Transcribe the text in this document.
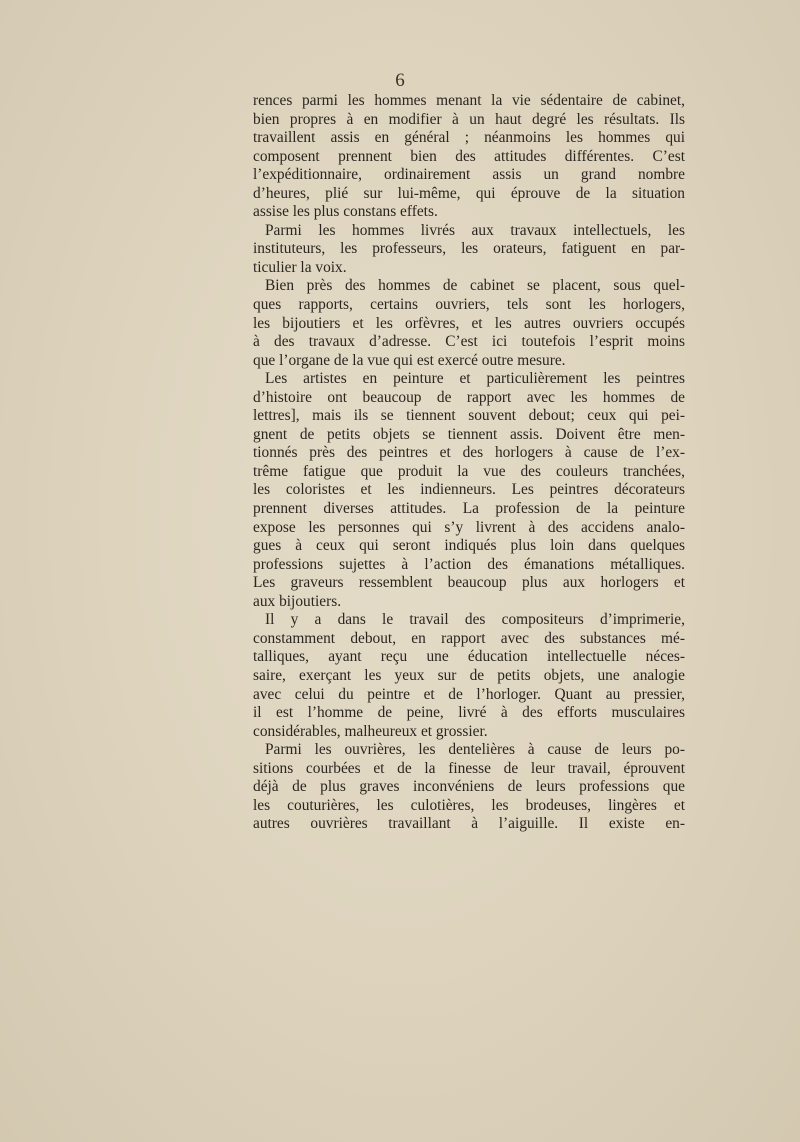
6
rences parmi les hommes menant la vie sédentaire de cabinet,
bien propres à en modifier à un haut degré les résultats. Ils
travaillent assis en général ; néanmoins les hommes qui
composent prennent bien des attitudes différentes. C’est
l’expéditionnaire, ordinairement assis un grand nombre
d’heures, plié sur lui-même, qui éprouve de la situation
assise les plus constans effets.
Parmi les hommes livrés aux travaux intellectuels, les
instituteurs, les professeurs, les orateurs, fatiguent en par-
ticulier la voix.
Bien près des hommes de cabinet se placent, sous quel-
ques rapports, certains ouvriers, tels sont les horlogers,
les bijoutiers et les orfèvres, et les autres ouvriers occupés
à des travaux d’adresse. C’est ici toutefois l’esprit moins
que l’organe de la vue qui est exercé outre mesure.
Les artistes en peinture et particulièrement les peintres
d’histoire ont beaucoup de rapport avec les hommes de
lettres], mais ils se tiennent souvent debout; ceux qui pei-
gnent de petits objets se tiennent assis. Doivent être men-
tionnés près des peintres et des horlogers à cause de l’ex-
trême fatigue que produit la vue des couleurs tranchées,
les coloristes et les indienneurs. Les peintres décorateurs
prennent diverses attitudes. La profession de la peinture
expose les personnes qui s’y livrent à des accidens analo-
gues à ceux qui seront indiqués plus loin dans quelques
professions sujettes à l’action des émanations métalliques.
Les graveurs ressemblent beaucoup plus aux horlogers et
aux bijoutiers.
Il y a dans le travail des compositeurs d’imprimerie,
constamment debout, en rapport avec des substances mé-
talliques, ayant reçu une éducation intellectuelle néces-
saire, exerçant les yeux sur de petits objets, une analogie
avec celui du peintre et de l’horloger. Quant au pressier,
il est l’homme de peine, livré à des efforts musculaires
considérables, malheureux et grossier.
Parmi les ouvrières, les dentelières à cause de leurs po-
sitions courbées et de la finesse de leur travail, éprouvent
déjà de plus graves inconvéniens de leurs professions que
les couturières, les culotières, les brodeuses, lingères et
autres ouvrières travaillant à l’aiguille. Il existe en-
